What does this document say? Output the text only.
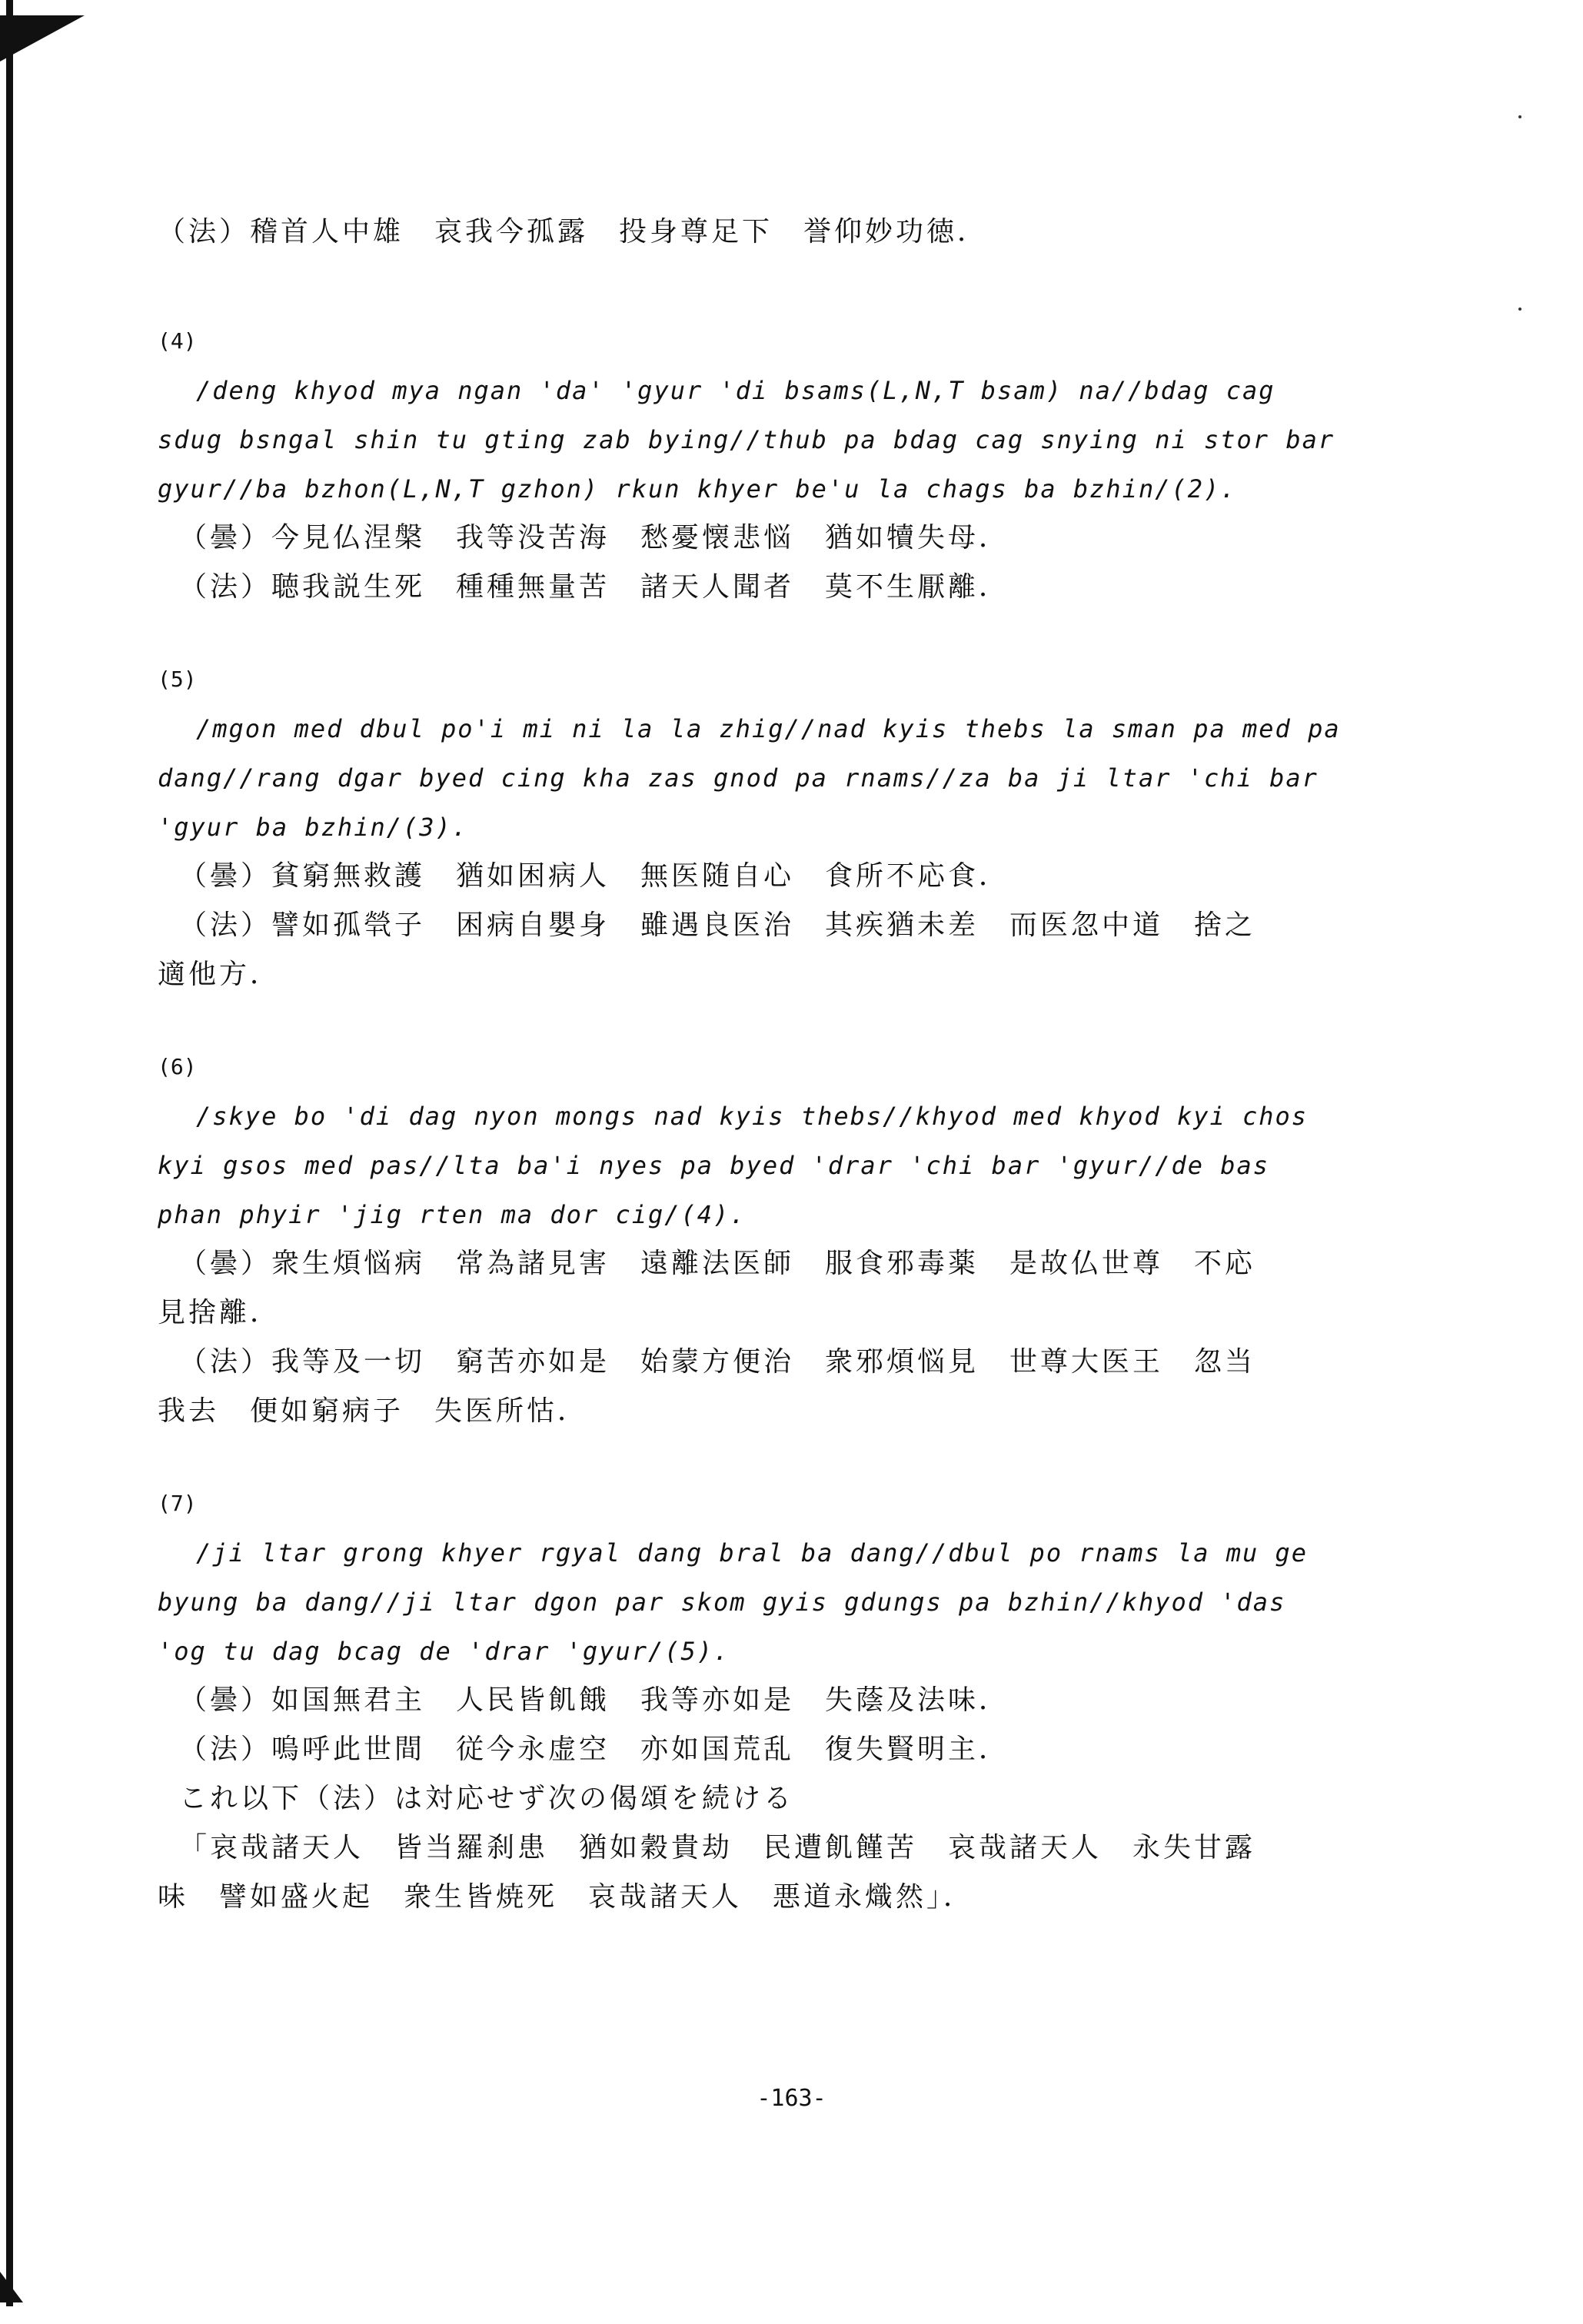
（法）稽首人中雄　哀我今孤露　投身尊足下　誉仰妙功徳．
(4)
/deng khyod mya ngan 'da' 'gyur 'di bsams(L,N,T bsam) na//bdag cag
sdug bsngal shin tu gting zab bying//thub pa bdag cag snying ni stor bar
gyur//ba bzhon(L,N,T gzhon) rkun khyer be'u la chags ba bzhin/(2).
（曇）今見仏涅槃　我等没苦海　愁憂懐悲悩　猶如犢失母．
（法）聴我説生死　種種無量苦　諸天人聞者　莫不生厭離．
(5)
/mgon med dbul po'i mi ni la la zhig//nad kyis thebs la sman pa med pa
dang//rang dgar byed cing kha zas gnod pa rnams//za ba ji ltar 'chi bar
'gyur ba bzhin/(3).
（曇）貧窮無救護　猶如困病人　無医随自心　食所不応食．
（法）譬如孤煢子　困病自嬰身　雖遇良医治　其疾猶未差　而医忽中道　捨之
適他方．
(6)
/skye bo 'di dag nyon mongs nad kyis thebs//khyod med khyod kyi chos
kyi gsos med pas//lta ba'i nyes pa byed 'drar 'chi bar 'gyur//de bas
phan phyir 'jig rten ma dor cig/(4).
（曇）衆生煩悩病　常為諸見害　遠離法医師　服食邪毒薬　是故仏世尊　不応
見捨離．
（法）我等及一切　窮苦亦如是　始蒙方便治　衆邪煩悩見　世尊大医王　忽当
我去　便如窮病子　失医所怙．
(7)
/ji ltar grong khyer rgyal dang bral ba dang//dbul po rnams la mu ge
byung ba dang//ji ltar dgon par skom gyis gdungs pa bzhin//khyod 'das
'og tu dag bcag de 'drar 'gyur/(5).
（曇）如国無君主　人民皆飢餓　我等亦如是　失蔭及法味．
（法）嗚呼此世間　従今永虚空　亦如国荒乱　復失賢明主．
これ以下（法）は対応せず次の偈頌を続ける
「哀哉諸天人　皆当羅刹患　猶如穀貴劫　民遭飢饉苦　哀哉諸天人　永失甘露
味　譬如盛火起　衆生皆焼死　哀哉諸天人　悪道永熾然」．
-163-
